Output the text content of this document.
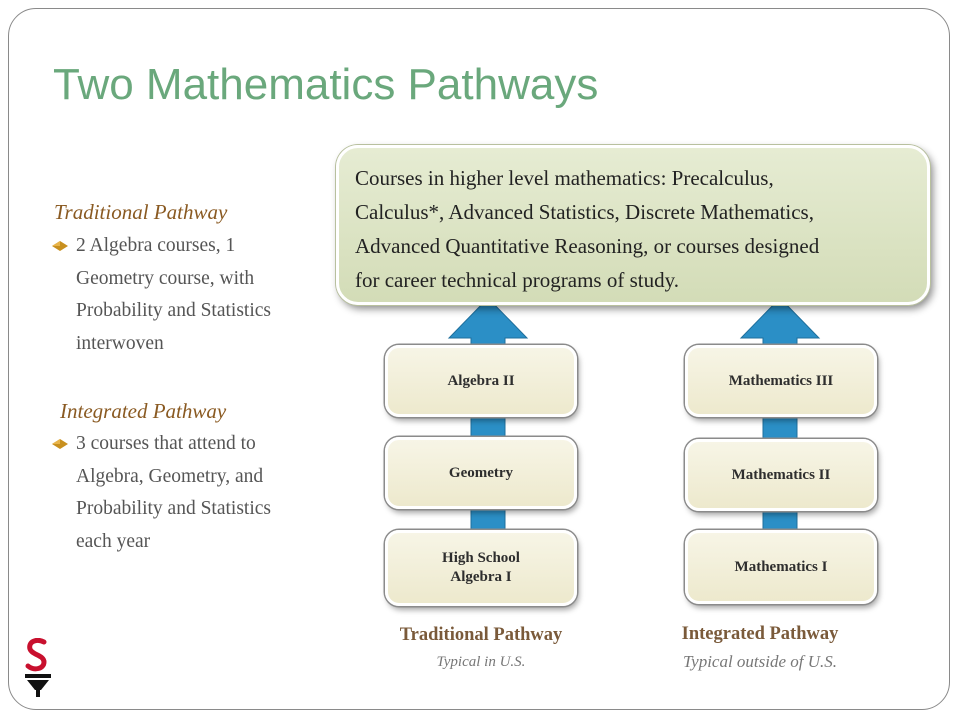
Two Mathematics Pathways
Traditional Pathway
2 Algebra courses, 1
Geometry course, with
Probability and Statistics
interwoven
Integrated Pathway
3 courses that attend to
Algebra, Geometry, and
Probability and Statistics
each year
Courses in higher level mathematics: Precalculus,
Calculus*, Advanced Statistics, Discrete Mathematics,
Advanced Quantitative Reasoning, or courses designed
for career technical programs of study.
Algebra II
Geometry
High School
Algebra I
Mathematics III
Mathematics II
Mathematics I
Traditional Pathway
Typical in U.S.
Integrated Pathway
Typical outside of U.S.
